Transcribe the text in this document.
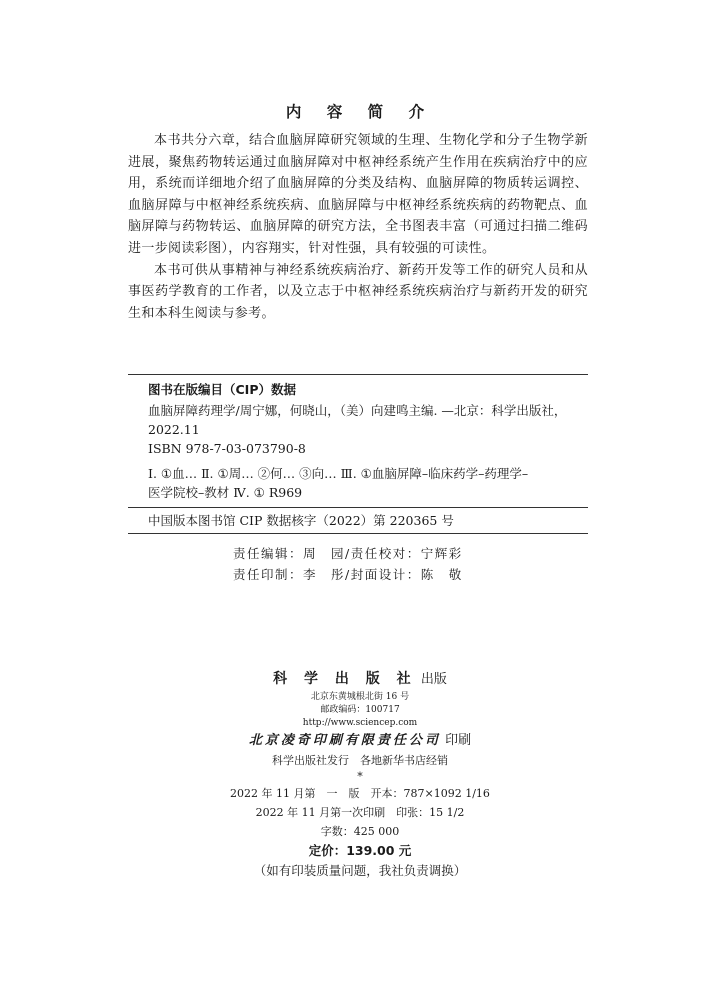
内 容 简 介

本书共分六章，结合血脑屏障研究领域的生理、生物化学和分子生物学新进展，聚焦药物转运通过血脑屏障对中枢神经系统产生作用在疾病治疗中的应用，系统而详细地介绍了血脑屏障的分类及结构、血脑屏障的物质转运调控、血脑屏障与中枢神经系统疾病、血脑屏障与中枢神经系统疾病的药物靶点、血脑屏障与药物转运、血脑屏障的研究方法，全书图表丰富（可通过扫描二维码进一步阅读彩图），内容翔实，针对性强，具有较强的可读性。

本书可供从事精神与神经系统疾病治疗、新药开发等工作的研究人员和从事医药学教育的工作者，以及立志于中枢神经系统疾病治疗与新药开发的研究生和本科生阅读与参考。

图书在版编目（CIP）数据
血脑屏障药理学/周宁娜，何晓山，（美）向建鸣主编. —北京：科学出版社，
2022.11
ISBN 978-7-03-073790-8
Ⅰ. ①血… Ⅱ. ①周… ②何… ③向… Ⅲ. ①血脑屏障–临床药学–药理学–
医学院校–教材 Ⅳ. ① R969
中国版本图书馆 CIP 数据核字（2022）第 220365 号
责任编辑：周　园/责任校对：宁辉彩
责任印制：李　彤/封面设计：陈　敬
科 学 出 版 社 出版
北京东黄城根北街 16 号
邮政编码：100717
http://www.sciencep.com
北京凌奇印刷有限责任公司 印刷
科学出版社发行　各地新华书店经销
*
2022 年 11 月第　一　版　开本：787×1092 1/16
2022 年 11 月第一次印刷　印张：15 1/2
字数：425 000
定价：139.00 元
（如有印装质量问题，我社负责调换）
